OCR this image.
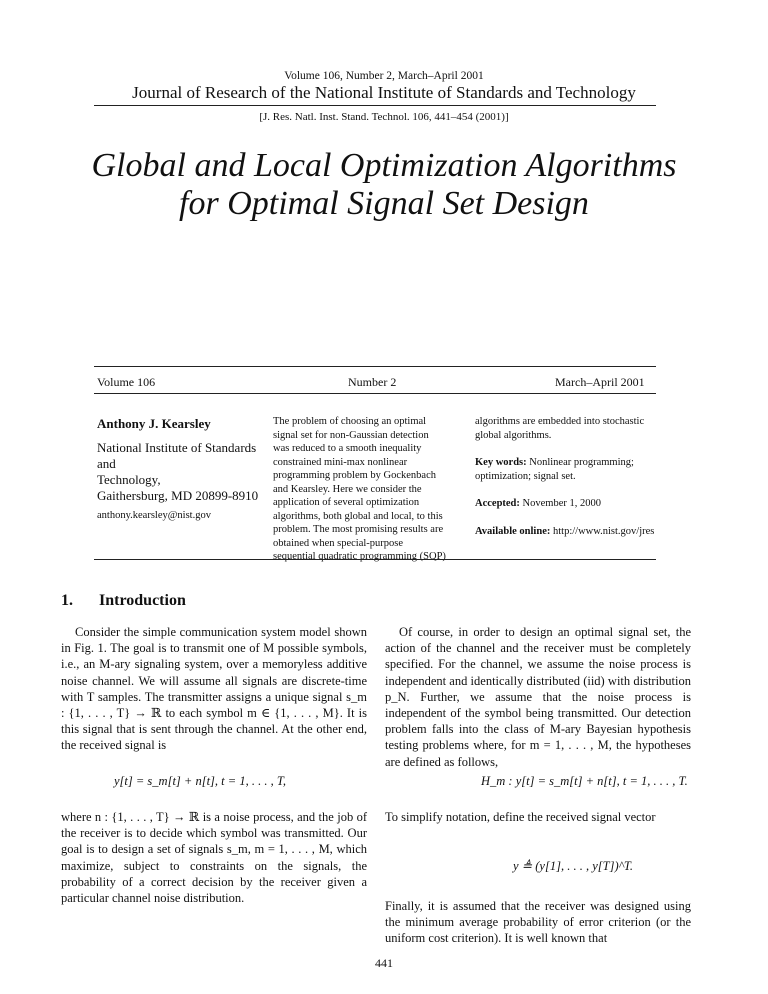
Volume 106, Number 2, March–April 2001
Journal of Research of the National Institute of Standards and Technology
[J. Res. Natl. Inst. Stand. Technol. 106, 441–454 (2001)]
Global and Local Optimization Algorithms
for Optimal Signal Set Design
Volume 106	Number 2	March–April 2001
Anthony J. Kearsley
National Institute of Standards and
Technology,
Gaithersburg, MD 20899-8910
anthony.kearsley@nist.gov
The problem of choosing an optimal signal set for non-Gaussian detection was reduced to a smooth inequality constrained mini-max nonlinear programming problem by Gockenbach and Kearsley. Here we consider the application of several optimization algorithms, both global and local, to this problem. The most promising results are obtained when special-purpose sequential quadratic programming (SQP)
algorithms are embedded into stochastic global algorithms.
Key words: Nonlinear programming; optimization; signal set.
Accepted: November 1, 2000
Available online: http://www.nist.gov/jres
1. Introduction
Consider the simple communication system model shown in Fig. 1. The goal is to transmit one of M possible symbols, i.e., an M-ary signaling system, over a memoryless additive noise channel. We will assume all signals are discrete-time with T samples. The transmitter assigns a unique signal s_m : {1, . . . , T} → ℝ to each symbol m ∈ {1, . . . , M}. It is this signal that is sent through the channel. At the other end, the received signal is
y[t] = s_m[t] + n[t], t = 1, . . . , T,
where n : {1, . . . , T} → ℝ is a noise process, and the job of the receiver is to decide which symbol was transmitted. Our goal is to design a set of signals s_m, m = 1, . . . , M, which maximize, subject to constraints on the signals, the probability of a correct decision by the receiver given a particular channel noise distribution.
Of course, in order to design an optimal signal set, the action of the channel and the receiver must be completely specified. For the channel, we assume the noise process is independent and identically distributed (iid) with distribution p_N. Further, we assume that the noise process is independent of the symbol being transmitted. Our detection problem falls into the class of M-ary Bayesian hypothesis testing problems where, for m = 1, . . . , M, the hypotheses are defined as follows,
H_m : y[t] = s_m[t] + n[t], t = 1, . . . , T.
To simplify notation, define the received signal vector
y ≜ (y[1], . . . , y[T])^T.
Finally, it is assumed that the receiver was designed using the minimum average probability of error criterion (or the uniform cost criterion). It is well known that
441
